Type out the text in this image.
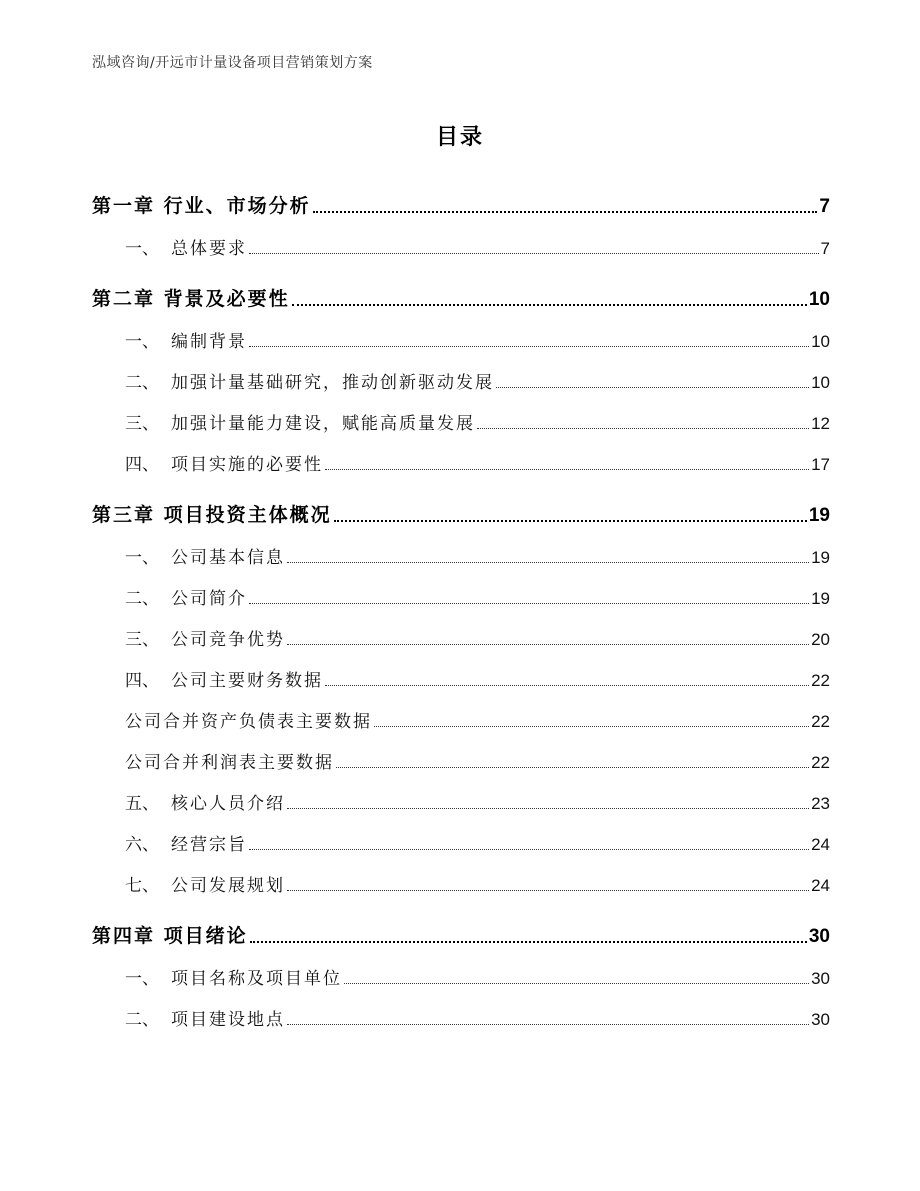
泓域咨询/开远市计量设备项目营销策划方案
目录
第一章 行业、市场分析	7
一、 总体要求	7
第二章 背景及必要性	10
一、 编制背景	10
二、 加强计量基础研究，推动创新驱动发展	10
三、 加强计量能力建设，赋能高质量发展	12
四、 项目实施的必要性	17
第三章 项目投资主体概况	19
一、 公司基本信息	19
二、 公司简介	19
三、 公司竞争优势	20
四、 公司主要财务数据	22
公司合并资产负债表主要数据	22
公司合并利润表主要数据	22
五、 核心人员介绍	23
六、 经营宗旨	24
七、 公司发展规划	24
第四章 项目绪论	30
一、 项目名称及项目单位	30
二、 项目建设地点	30
